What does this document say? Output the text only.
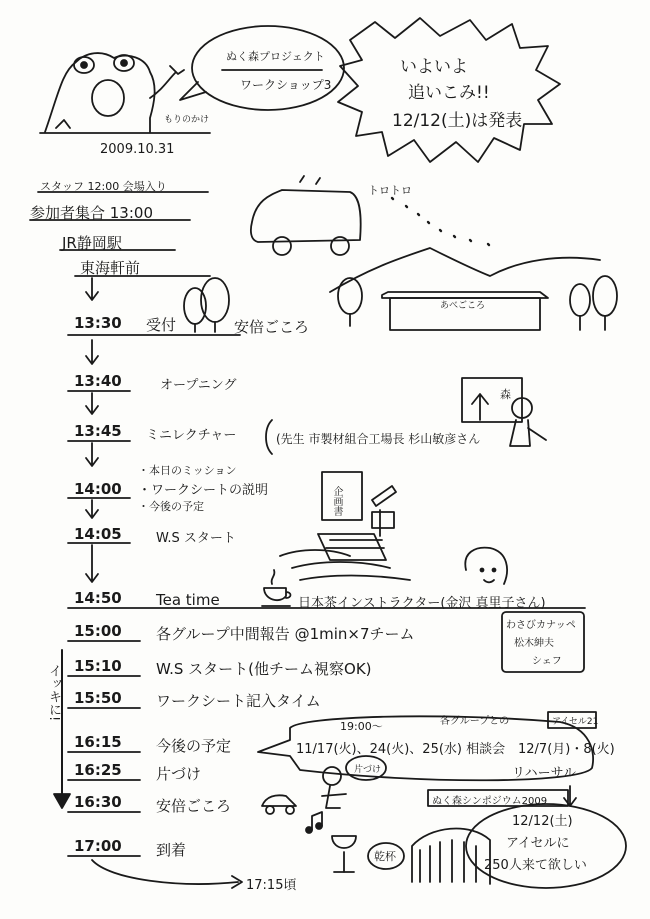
ぬく森プロジェクト
ワークショップ3
もりのかけ
2009.10.31
いよいよ
追いこみ!!
12/12(土)は発表
スタッフ 12:00 会場入り
参加者集合 13:00
JR静岡駅
東海軒前
トロトロ
あべごころ
13:30 受付	安倍ごころ
13:40	オープニング
13:45 ミニレクチャー	(先生 市製材組合工場長 杉山敏彦さん
14:00
・本日のミッション
・ワークシートの説明
・今後の予定
14:05	W.S スタート
14:50 Tea time	日本茶インストラクター(金沢 真里子さん)
15:00 各グループ中間報告 @1min×7チーム
15:10 W.S スタート(他チーム視察OK)
15:50 ワークシート記入タイム
16:15 今後の予定
16:25 片づけ
16:30 安倍ごころ
17:00 到着
企画書
森
わさびカナッペ
松木紳夫
シェフ
イッキに!
19:00～	各グループとの
11/17(火)、24(火)、25(水) 相談会
アイセル21
12/7(月)・8(火)
リハーサル
ぬく森シンポジウム2009
12/12(土)
アイセルに
250人来て欲しい
片づけ
乾杯
17:15頃
